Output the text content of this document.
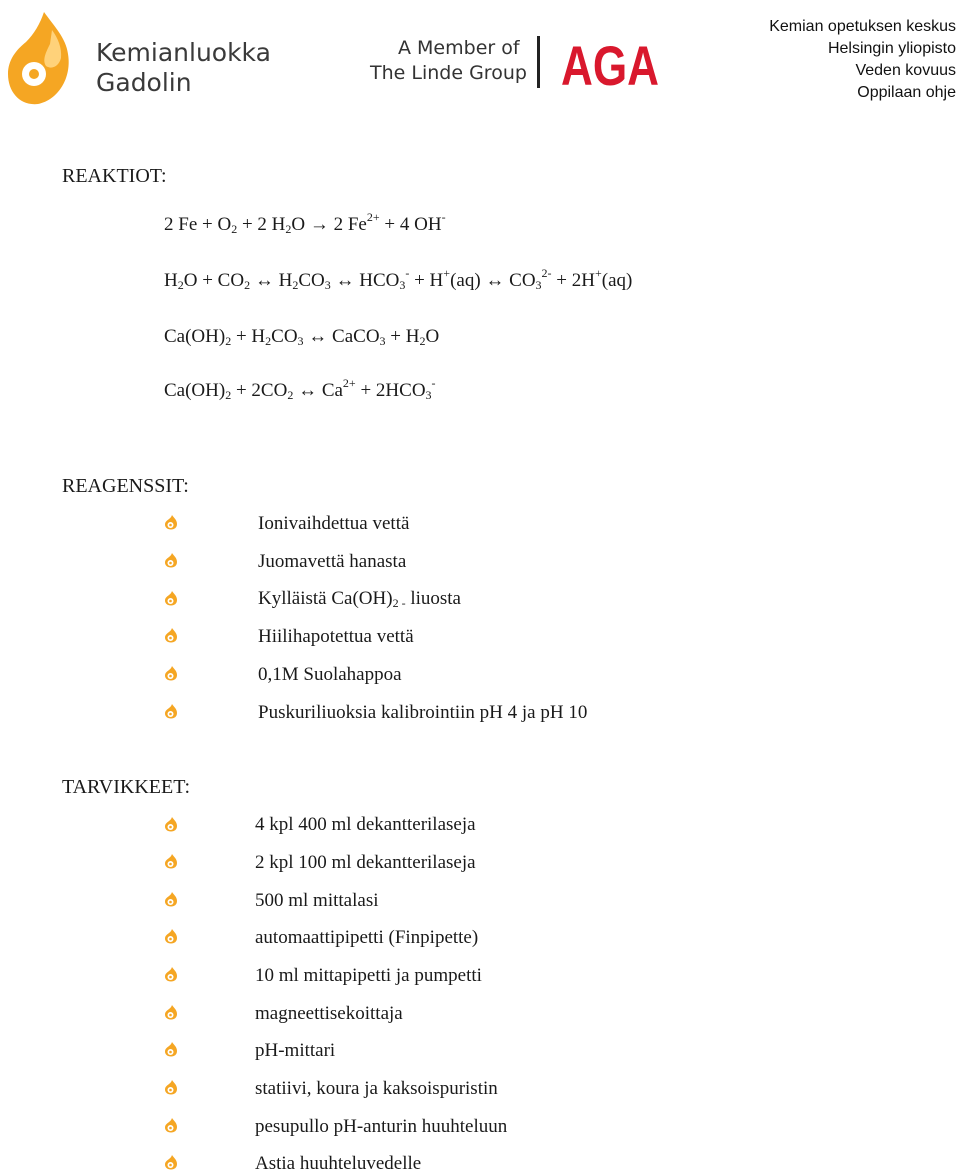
Kemianluokka
Gadolin
A Member of
The Linde Group AGA
Kemian opetuksen keskus
Helsingin yliopisto
Veden kovuus
Oppilaan ohje
REAKTIOT:
2 $Fe + O_2 + 2$ $H_2O \to 2$ $Fe^{2+} + 4$ OH-
$H_2O + CO_2$ ↔ $H_2CO_3$ ↔ $HCO_3^- + H^+(aq)$ ↔ $CO_3^{2-} + 2H^+(aq)$
$Ca(OH)_2 + H_2CO_3$ ↔ CaCO$_3$ + $H_2O$
$Ca(OH)_2 + 2CO_2$ ↔ $Ca^{2+} + 2HCO_3^-$
REAGENSSIT:
Ionivaihdettua vettä
Juomavettä hanasta
Kylläistä $Ca(OH)_{2 -}$ liuosta
Hiilihapotettua vettä
0,1M Suolahappoa
Puskuriliuoksia kalibrointiin pH 4 ja pH 10
TARVIKKEET:
4 kpl 400 ml dekantterilaseja
2 kpl 100 ml dekantterilaseja
500 ml mittalasi
automaattipipetti (Finpipette)
10 ml mittapipetti ja pumpetti
magneettisekoittaja
pH-mittari
statiivi, koura ja kaksoispuristin
pesupullo pH-anturin huuhteluun
Astia huuhteluvedelle
